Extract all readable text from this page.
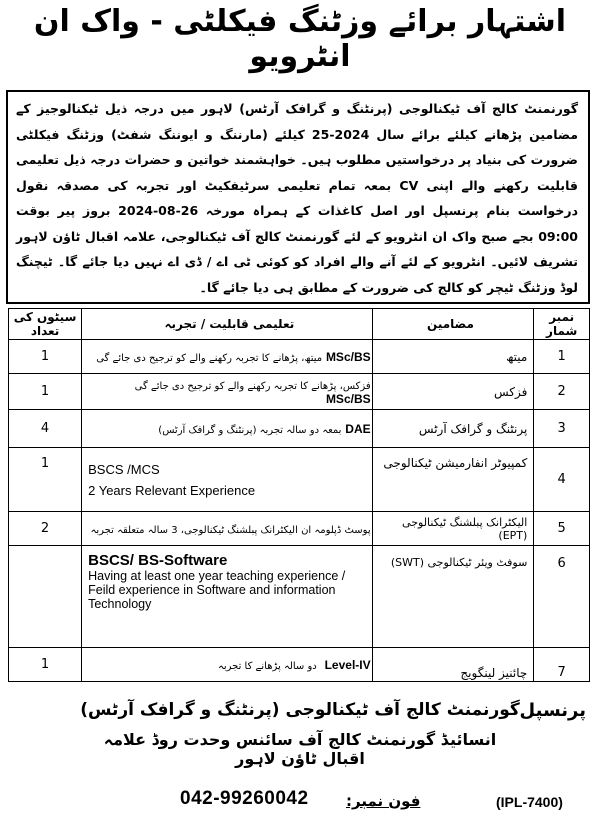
اشتہار برائے وزٹنگ فیکلٹی - واک ان انٹرویو
گورنمنٹ کالج آف ٹیکنالوجی (پرنٹنگ و گرافک آرٹس) لاہور میں درجہ ذیل ٹیکنالوجیز کے مضامین پڑھانے کیلئے برائے سال 2024-25 کیلئے (مارننگ و ایوننگ شفٹ) وزٹنگ فیکلٹی ضرورت کی بنیاد پر درخواستیں مطلوب ہیں۔ خواہشمند خواتین و حضرات درجہ ذیل تعلیمی قابلیت رکھنے والے اپنی CV بمعہ تمام تعلیمی سرٹیفکیٹ اور تجربہ کی مصدقہ نقول درخواست بنام پرنسپل اور اصل کاغذات کے ہمراہ مورخہ 26-08-2024 بروز پیر بوقت 09:00 بجے صبح واک ان انٹرویو کے لئے گورنمنٹ کالج آف ٹیکنالوجی، علامہ اقبال ٹاؤن لاہور تشریف لائیں۔ انٹرویو کے لئے آنے والے افراد کو کوئی ٹی اے / ڈی اے نہیں دیا جائے گا۔ ٹیچنگ لوڈ وزٹنگ ٹیچر کو کالج کی ضرورت کے مطابق ہی دیا جائے گا۔
نمبر شمار	مضامین	تعلیمی قابلیت / تجربہ	سیٹوں کی تعداد
1	میتھ	میتھ، پڑھانے کا تجربہ رکھنے والے کو ترجیح دی جائے گی MSc/BS	1
2	فزکس	فزکس، پڑھانے کا تجربہ رکھنے والے کو ترجیح دی جائے گی MSc/BS	1
3	پرنٹنگ و گرافک آرٹس	(پرنٹنگ و گرافک آرٹس) بمعہ دو سالہ تجربہ DAE	4
4	کمپیوٹر انفارمیشن ٹیکنالوجی	BSCS /MCS
2 Years Relevant Experience	1
5	الیکٹرانک پبلشنگ ٹیکنالوجی (EPT)	پوسٹ ڈپلومہ ان الیکٹرانک پبلشنگ ٹیکنالوجی، 3 سالہ متعلقہ تجربہ	2
6	سوفٹ ویئر ٹیکنالوجی (SWT)	BSCS/ BS-Software
Having at least one year teaching experience / Feild experience in Software and information Technology	

7	چائنیز لینگویج	دو سالہ پڑھانے کا تجربہ Level-IV	1
پرنسپل
گورنمنٹ کالج آف ٹیکنالوجی (پرنٹنگ و گرافک آرٹس)
انسائیڈ گورنمنٹ کالج آف سائنس وحدت روڈ علامہ اقبال ٹاؤن لاہور
فون نمبر:
042-99260042	(IPL-7400)
